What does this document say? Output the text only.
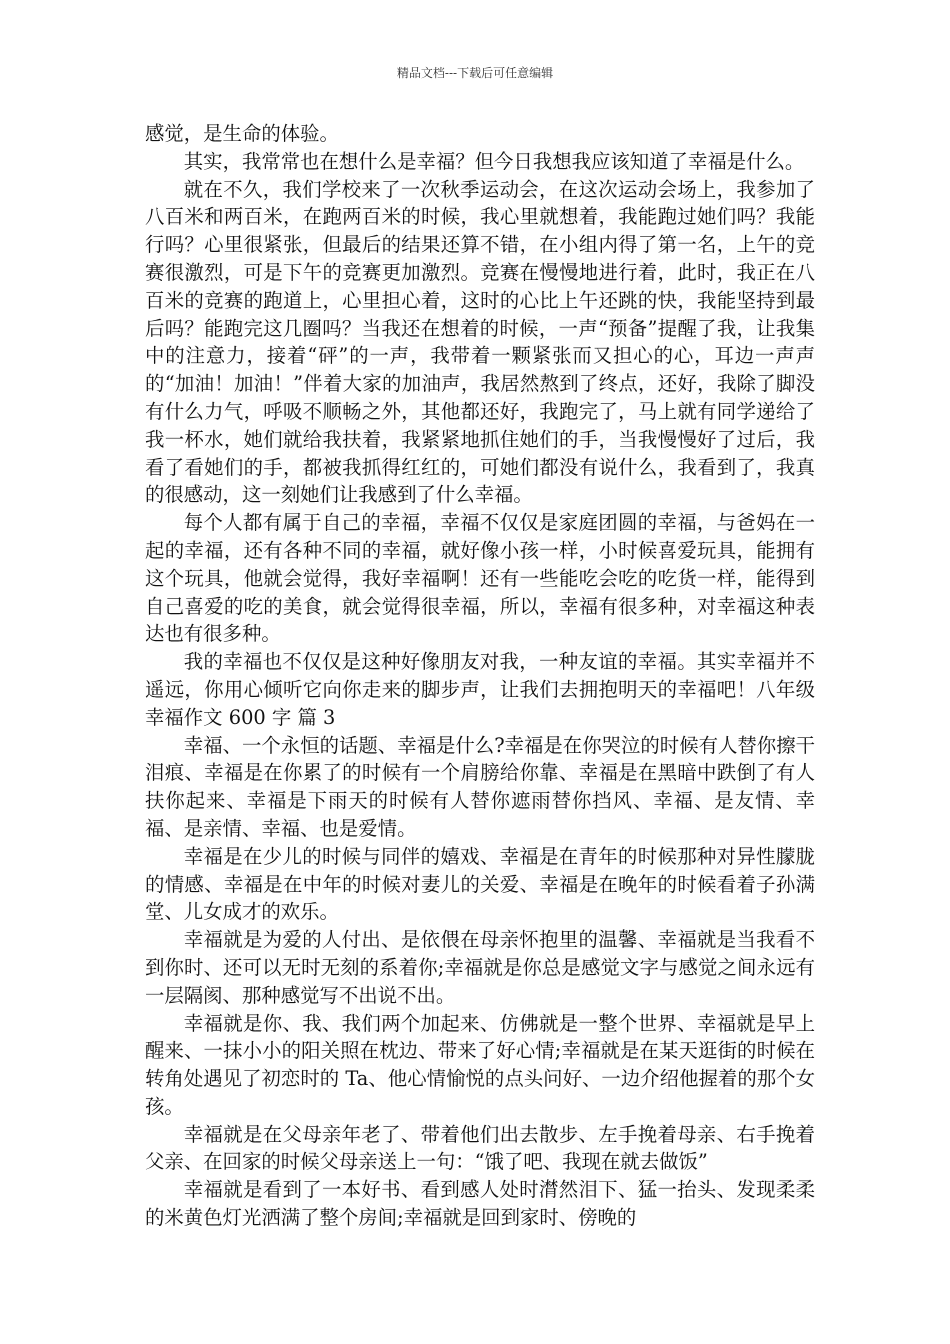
精品文档---下载后可任意编辑

感觉，是生命的体验。

其实，我常常也在想什么是幸福？但今日我想我应该知道了幸福是什么。

就在不久，我们学校来了一次秋季运动会，在这次运动会场上，我参加了八百米和两百米，在跑两百米的时候，我心里就想着，我能跑过她们吗？我能行吗？心里很紧张，但最后的结果还算不错，在小组内得了第一名，上午的竞赛很激烈，可是下午的竞赛更加激烈。竞赛在慢慢地进行着，此时，我正在八百米的竞赛的跑道上，心里担心着，这时的心比上午还跳的快，我能坚持到最后吗？能跑完这几圈吗？当我还在想着的时候，一声“预备”提醒了我，让我集中的注意力，接着“砰”的一声，我带着一颗紧张而又担心的心，耳边一声声的“加油！加油！”伴着大家的加油声，我居然熬到了终点，还好，我除了脚没有什么力气，呼吸不顺畅之外，其他都还好，我跑完了，马上就有同学递给了我一杯水，她们就给我扶着，我紧紧地抓住她们的手，当我慢慢好了过后，我看了看她们的手，都被我抓得红红的，可她们都没有说什么，我看到了，我真的很感动，这一刻她们让我感到了什么幸福。

每个人都有属于自己的幸福，幸福不仅仅是家庭团圆的幸福，与爸妈在一起的幸福，还有各种不同的幸福，就好像小孩一样，小时候喜爱玩具，能拥有这个玩具，他就会觉得，我好幸福啊！还有一些能吃会吃的吃货一样，能得到自己喜爱的吃的美食，就会觉得很幸福，所以，幸福有很多种，对幸福这种表达也有很多种。

我的幸福也不仅仅是这种好像朋友对我，一种友谊的幸福。其实幸福并不遥远，你用心倾听它向你走来的脚步声，让我们去拥抱明天的幸福吧！八年级幸福作文 600 字 篇 3

幸福、一个永恒的话题、幸福是什么?幸福是在你哭泣的时候有人替你擦干泪痕、幸福是在你累了的时候有一个肩膀给你靠、幸福是在黑暗中跌倒了有人扶你起来、幸福是下雨天的时候有人替你遮雨替你挡风、幸福、是友情、幸福、是亲情、幸福、也是爱情。

幸福是在少儿的时候与同伴的嬉戏、幸福是在青年的时候那种对异性朦胧的情感、幸福是在中年的时候对妻儿的关爱、幸福是在晚年的时候看着子孙满堂、儿女成才的欢乐。

幸福就是为爱的人付出、是依偎在母亲怀抱里的温馨、幸福就是当我看不到你时、还可以无时无刻的系着你;幸福就是你总是感觉文字与感觉之间永远有一层隔阂、那种感觉写不出说不出。

幸福就是你、我、我们两个加起来、仿佛就是一整个世界、幸福就是早上醒来、一抹小小的阳关照在枕边、带来了好心情;幸福就是在某天逛街的时候在转角处遇见了初恋时的 Ta、他心情愉悦的点头问好、一边介绍他握着的那个女孩。

幸福就是在父母亲年老了、带着他们出去散步、左手挽着母亲、右手挽着父亲、在回家的时候父母亲送上一句：“饿了吧、我现在就去做饭”

幸福就是看到了一本好书、看到感人处时潸然泪下、猛一抬头、发现柔柔的米黄色灯光洒满了整个房间;幸福就是回到家时、傍晚的
